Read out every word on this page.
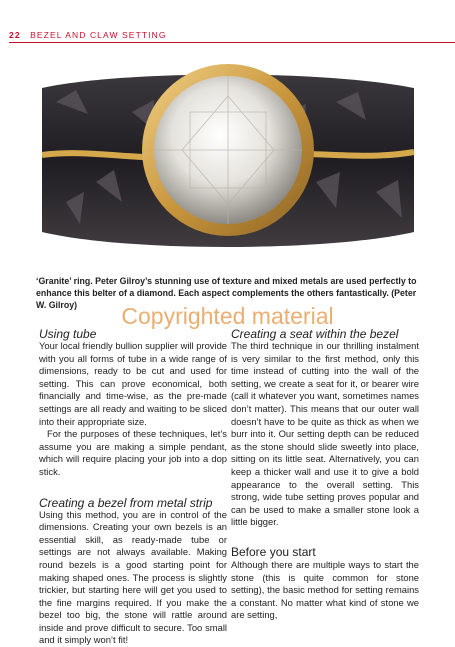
22 BEZEL AND CLAW SETTING
‘Granite’ ring. Peter Gilroy’s stunning use of texture and mixed metals are used perfectly to enhance this belter of a diamond. Each aspect complements the others fantastically. (Peter W. Gilroy)	Copyrighted material
Using tube

Your local friendly bullion supplier will provide with you all forms of tube in a wide range of dimensions, ready to be cut and used for setting. This can prove economical, both financially and time-wise, as the pre-made settings are all ready and waiting to be sliced into their appropriate size.

For the purposes of these techniques, let’s assume you are making a simple pendant, which will require placing your job into a dop stick.

Creating a bezel from metal strip

Using this method, you are in control of the dimensions. Creating your own bezels is an essential skill, as ready-made tube or settings are not always available. Making round bezels is a good starting point for making shaped ones. The process is slightly trickier, but starting here will get you used to the fine margins required. If you make the bezel too big, the stone will rattle around inside and prove difficult to secure. Too small and it simply won’t fit!

Creating a seat within the bezel

The third technique in our thrilling instalment is very similar to the first method, only this time instead of cutting into the wall of the setting, we create a seat for it, or bearer wire (call it whatever you want, sometimes names don’t matter). This means that our outer wall doesn’t have to be quite as thick as when we burr into it. Our setting depth can be reduced as the stone should slide sweetly into place, sitting on its little seat. Alternatively, you can keep a thicker wall and use it to give a bold appearance to the overall setting. This strong, wide tube setting proves popular and can be used to make a smaller stone look a little bigger.

Before you start

Although there are multiple ways to start the stone (this is quite common for stone setting), the basic method for setting remains a constant. No matter what kind of stone we are setting,
